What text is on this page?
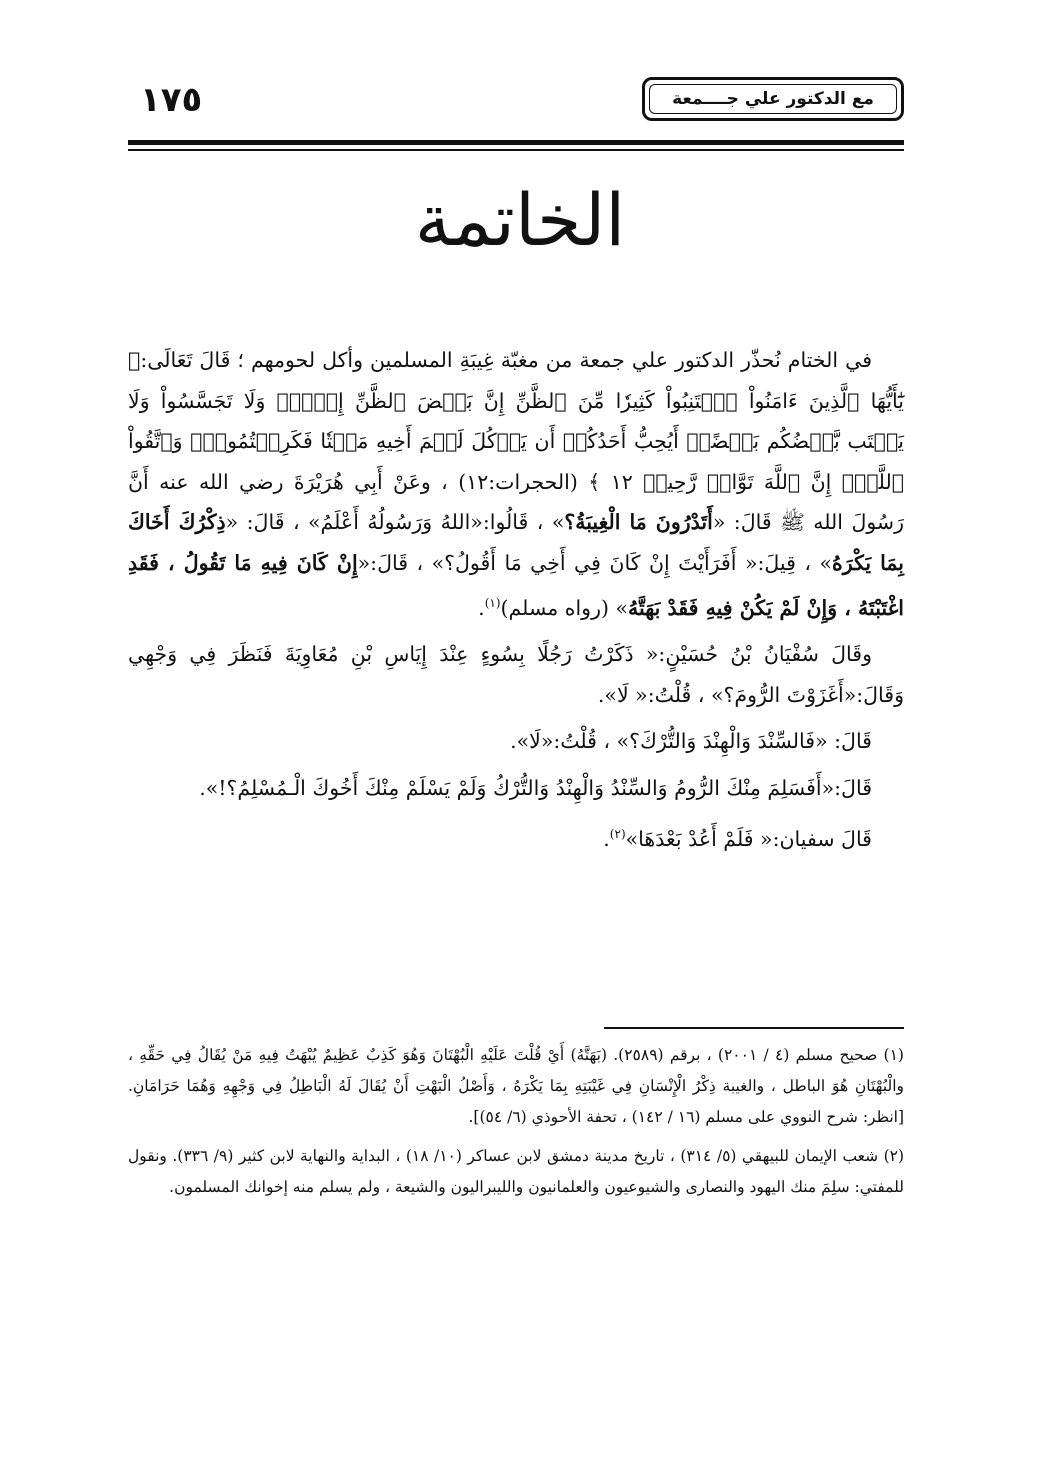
١٧٥	مع الدكتور علي جــــمعة
الخاتمة

في الختام نُحذّر الدكتور علي جمعة من مغبّة غِيبَةِ المسلمين وأكل لحومهم ؛ قَالَ تَعَالَى:﴿ يَٰٓأَيُّهَا ٱلَّذِينَ ءَامَنُواْ ٱجۡتَنِبُواْ كَثِيرٗا مِّنَ ٱلظَّنِّ إِنَّ بَعۡضَ ٱلظَّنِّ إِثۡمٞۖ وَلَا تَجَسَّسُواْ وَلَا يَغۡتَب بَّعۡضُكُم بَعۡضًاۚ أَيُحِبُّ أَحَدُكُمۡ أَن يَأۡكُلَ لَحۡمَ أَخِيهِ مَيۡتٗا فَكَرِهۡتُمُوهُۚ وَٱتَّقُواْ ٱللَّهَۚ إِنَّ ٱللَّهَ تَوَّابٞ رَّحِيمٞ ١٢ ﴾ (الحجرات:١٢) ، وعَنْ أَبِي هُرَيْرَةَ رضي الله عنه أَنَّ رَسُولَ الله ﷺ قَالَ: «أَتَدْرُونَ مَا الْغِيبَةُ؟» ، قَالُوا:«اللهُ وَرَسُولُهُ أَعْلَمُ» ، قَالَ: «ذِكْرُكَ أَخَاكَ بِمَا يَكْرَهُ» ، قِيلَ:« أَفَرَأَيْتَ إِنْ كَانَ فِي أَخِي مَا أَقُولُ؟» ، قَالَ:«إِنْ كَانَ فِيهِ مَا تَقُولُ ، فَقَدِ اغْتَبْتَهُ ، وَإِنْ لَمْ يَكُنْ فِيهِ فَقَدْ بَهَتَّهُ» (رواه مسلم)$^{(١)}$.

وقَالَ سُفْيَانُ بْنُ حُسَيْنٍ:« ذَكَرْتُ رَجُلًا بِسُوءٍ عِنْدَ إِيَاسِ بْنِ مُعَاوِيَةَ فَنَظَرَ فِي وَجْهِي وَقَالَ:«أَغَزَوْتَ الرُّومَ؟» ، قُلْتُ:« لَا».

قَالَ: «فَالسِّنْدَ وَالْهِنْدَ وَالتُّرْكَ؟» ، قُلْتُ:«لَا».

قَالَ:«أَفَسَلِمَ مِنْكَ الرُّومُ وَالسِّنْدُ وَالْهِنْدُ وَالتُّرْكُ وَلَمْ يَسْلَمْ مِنْكَ أَخُوكَ الْـمُسْلِمُ؟!».

قَالَ سفيان:« فَلَمْ أَعُدْ بَعْدَهَا»$^{(٢)}$.

(١) صحيح مسلم (٤ / ٢٠٠١) ، برقم (٢٥٨٩). (بَهَتَّهُ) أَيْ قُلْتَ عَلَيْهِ الْبُهْتَانَ وَهُوَ كَذِبٌ عَظِيمٌ يُبْهَتُ فِيهِ مَنْ يُقَالُ فِي حَقِّهِ ، والْبُهْتَانِ هُوَ الباطل ، والغيبة ذِكْرُ الْإِنْسَانِ فِي غَيْبَتِهِ بِمَا يَكْرَهُ ، وَأَصْلُ الْبَهْتِ أَنْ يُقَالَ لَهُ الْبَاطِلُ فِي وَجْهِهِ وَهُمَا حَرَامَانِ. [انظر: شرح النووي على مسلم (١٦ / ١٤٢) ، تحفة الأحوذي (٦/ ٥٤)].

(٢) شعب الإيمان للبيهقي (٥/ ٣١٤) ، تاريخ مدينة دمشق لابن عساكر (١٠/ ١٨) ، البداية والنهاية لابن كثير (٩/ ٣٣٦). ونقول للمفتي: سلِمَ منك اليهود والنصارى والشيوعيون والعلمانيون والليبراليون والشيعة ، ولم يسلم منه إخوانك المسلمون.
